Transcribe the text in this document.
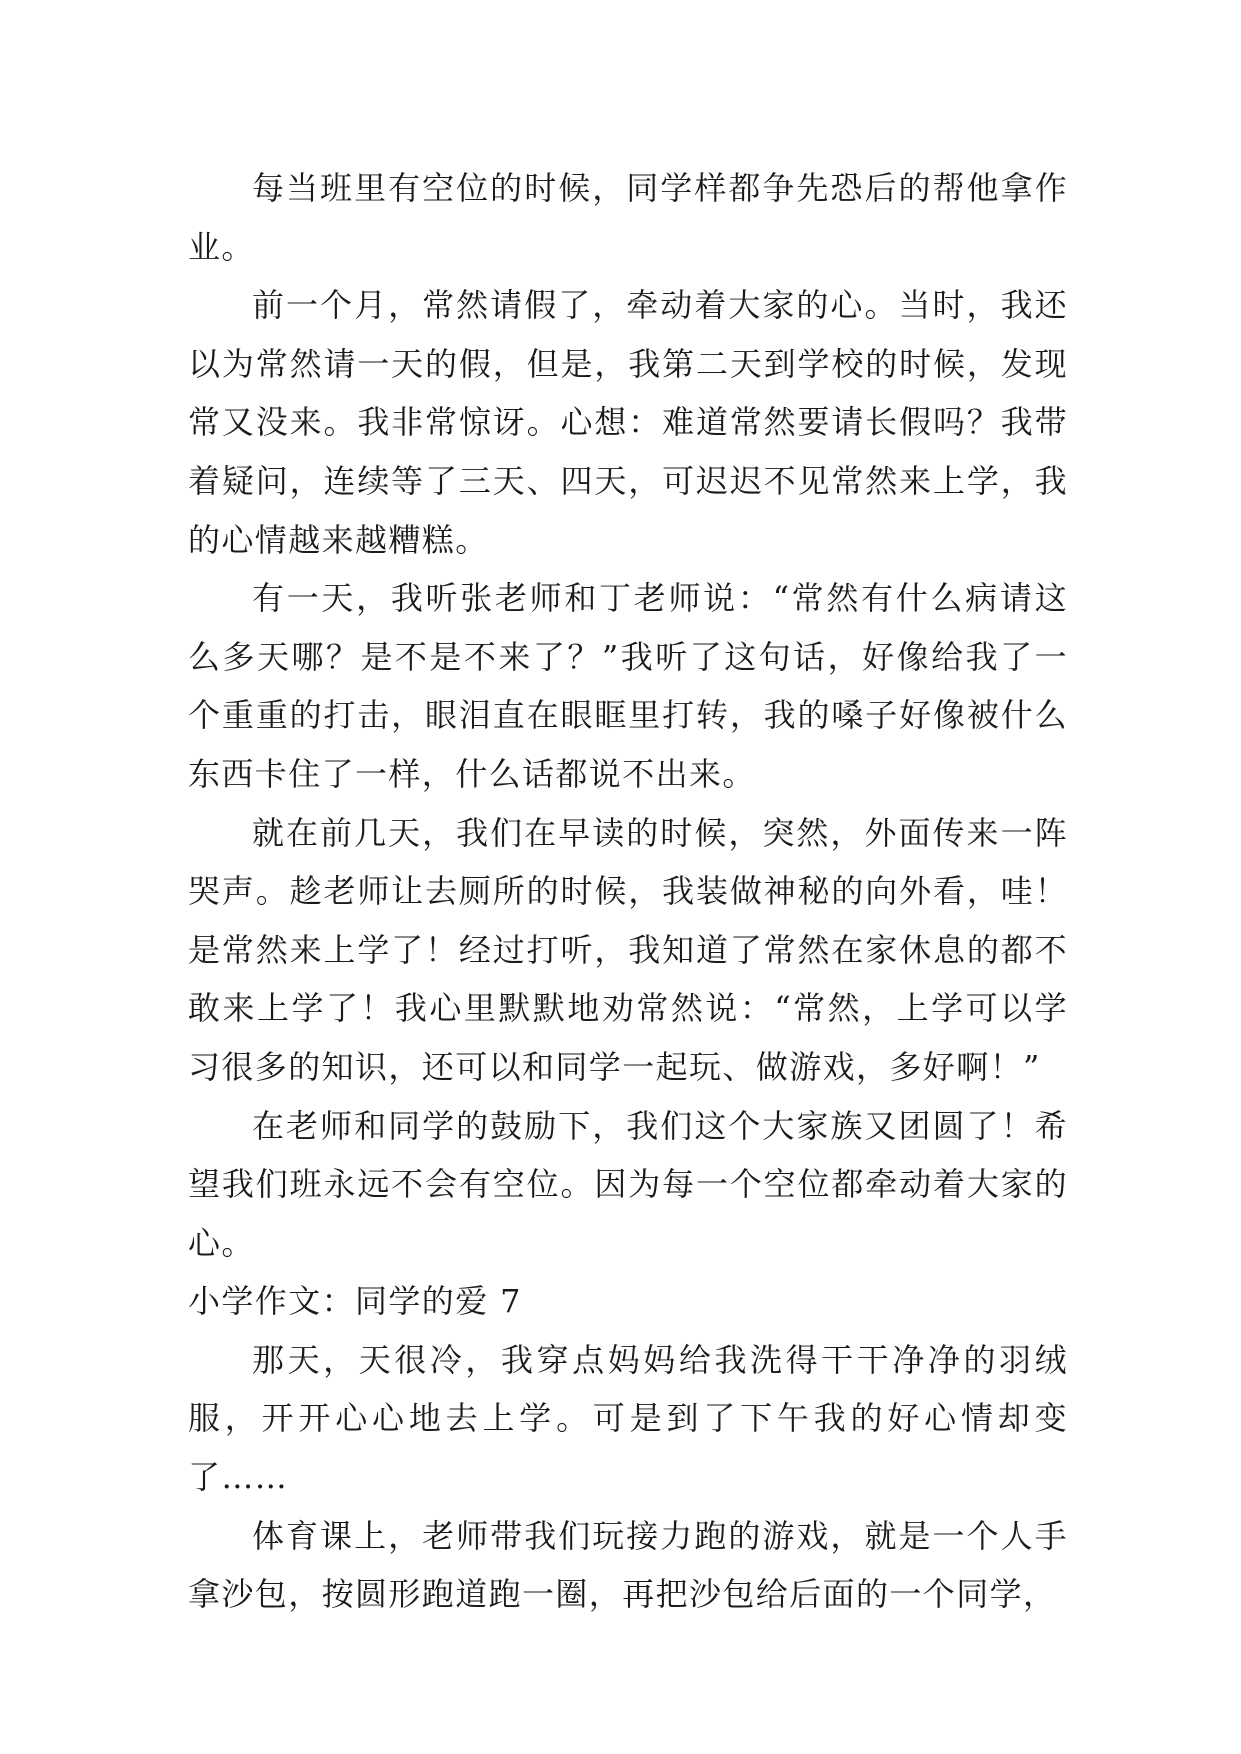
每当班里有空位的时候，同学样都争先恐后的帮他拿作业。

前一个月，常然请假了，牵动着大家的心。当时，我还以为常然请一天的假，但是，我第二天到学校的时候，发现常又没来。我非常惊讶。心想：难道常然要请长假吗？我带着疑问，连续等了三天、四天，可迟迟不见常然来上学，我的心情越来越糟糕。

有一天，我听张老师和丁老师说：“常然有什么病请这么多天哪？是不是不来了？”我听了这句话，好像给我了一个重重的打击，眼泪直在眼眶里打转，我的嗓子好像被什么东西卡住了一样，什么话都说不出来。

就在前几天，我们在早读的时候，突然，外面传来一阵哭声。趁老师让去厕所的时候，我装做神秘的向外看，哇！是常然来上学了！经过打听，我知道了常然在家休息的都不敢来上学了！我心里默默地劝常然说：“常然，上学可以学习很多的知识，还可以和同学一起玩、做游戏，多好啊！”

在老师和同学的鼓励下，我们这个大家族又团圆了！希望我们班永远不会有空位。因为每一个空位都牵动着大家的心。

小学作文：同学的爱 7

那天，天很冷，我穿点妈妈给我洗得干干净净的羽绒服，开开心心地去上学。可是到了下午我的好心情却变了……

体育课上，老师带我们玩接力跑的游戏，就是一个人手拿沙包，按圆形跑道跑一圈，再把沙包给后面的一个同学，
